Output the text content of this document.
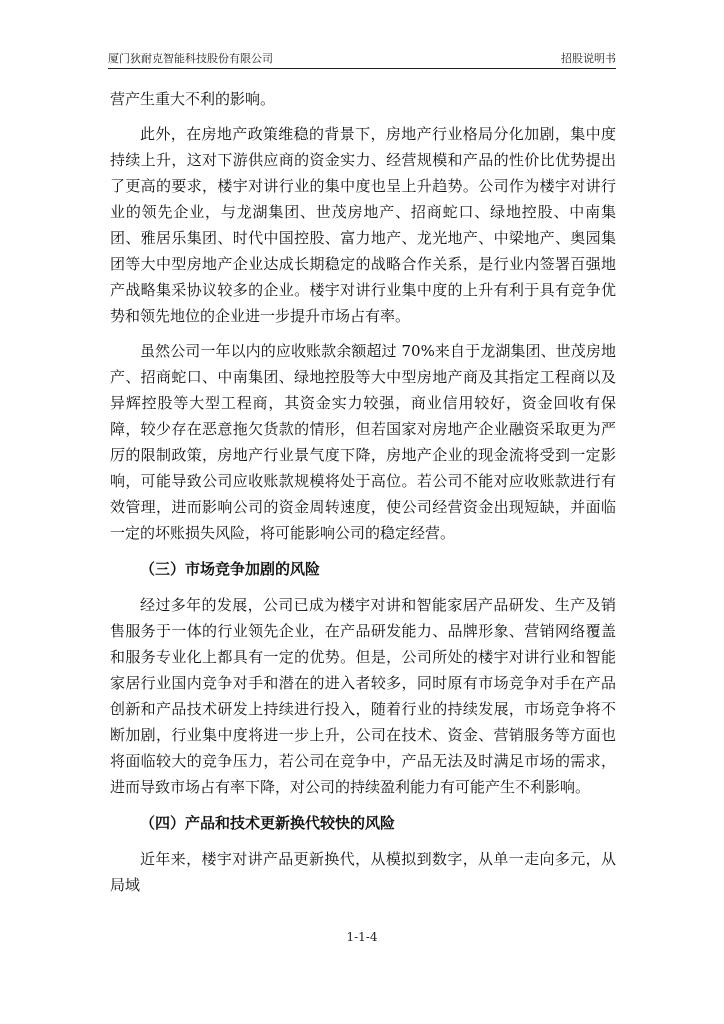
厦门狄耐克智能科技股份有限公司	招股说明书

营产生重大不利的影响。

此外，在房地产政策维稳的背景下，房地产行业格局分化加剧，集中度持续上升，这对下游供应商的资金实力、经营规模和产品的性价比优势提出了更高的要求，楼宇对讲行业的集中度也呈上升趋势。公司作为楼宇对讲行业的领先企业，与龙湖集团、世茂房地产、招商蛇口、绿地控股、中南集团、雅居乐集团、时代中国控股、富力地产、龙光地产、中梁地产、奥园集团等大中型房地产企业达成长期稳定的战略合作关系，是行业内签署百强地产战略集采协议较多的企业。楼宇对讲行业集中度的上升有利于具有竞争优势和领先地位的企业进一步提升市场占有率。

虽然公司一年以内的应收账款余额超过 70%来自于龙湖集团、世茂房地产、招商蛇口、中南集团、绿地控股等大中型房地产商及其指定工程商以及异辉控股等大型工程商，其资金实力较强，商业信用较好，资金回收有保障，较少存在恶意拖欠货款的情形，但若国家对房地产企业融资采取更为严厉的限制政策，房地产行业景气度下降，房地产企业的现金流将受到一定影响，可能导致公司应收账款规模将处于高位。若公司不能对应收账款进行有效管理，进而影响公司的资金周转速度，使公司经营资金出现短缺，并面临一定的坏账损失风险，将可能影响公司的稳定经营。

（三）市场竞争加剧的风险

经过多年的发展，公司已成为楼宇对讲和智能家居产品研发、生产及销售服务于一体的行业领先企业，在产品研发能力、品牌形象、营销网络覆盖和服务专业化上都具有一定的优势。但是，公司所处的楼宇对讲行业和智能家居行业国内竞争对手和潜在的进入者较多，同时原有市场竞争对手在产品创新和产品技术研发上持续进行投入，随着行业的持续发展，市场竞争将不断加剧，行业集中度将进一步上升，公司在技术、资金、营销服务等方面也将面临较大的竞争压力，若公司在竞争中，产品无法及时满足市场的需求，进而导致市场占有率下降，对公司的持续盈利能力有可能产生不利影响。

（四）产品和技术更新换代较快的风险

近年来，楼宇对讲产品更新换代，从模拟到数字，从单一走向多元，从局域

1-1-4
